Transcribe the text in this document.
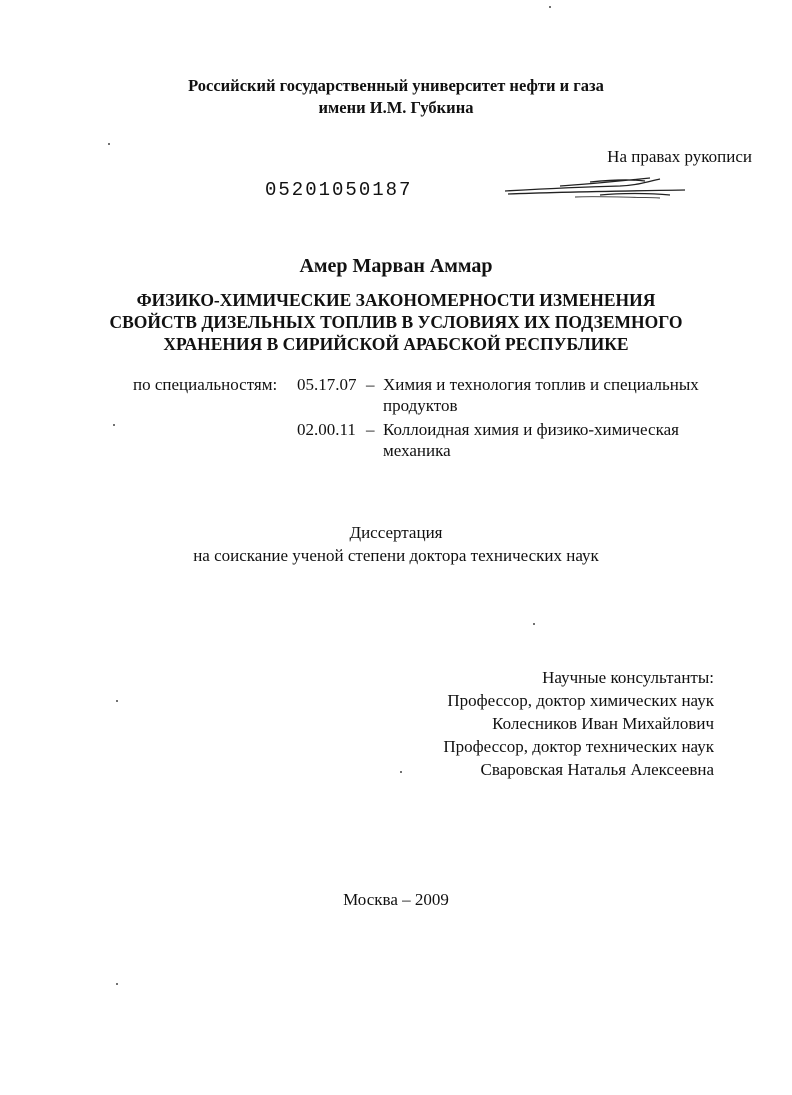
Российский государственный университет нефти и газа
имени И.М. Губкина
На правах рукописи
05201050187
Амер Марван Аммар
ФИЗИКО-ХИМИЧЕСКИЕ ЗАКОНОМЕРНОСТИ ИЗМЕНЕНИЯ
СВОЙСТВ ДИЗЕЛЬНЫХ ТОПЛИВ В УСЛОВИЯХ ИХ ПОДЗЕМНОГО
ХРАНЕНИЯ В СИРИЙСКОЙ АРАБСКОЙ РЕСПУБЛИКЕ
по специальностям: 05.17.07 – Химия и технология топлив и специальных
продуктов
02.00.11 – Коллоидная химия и физико-химическая
механика
Диссертация
на соискание ученой степени доктора технических наук
Научные консультанты:
Профессор, доктор химических наук
Колесников Иван Михайлович
Профессор, доктор технических наук
Сваровская Наталья Алексеевна
Москва – 2009
